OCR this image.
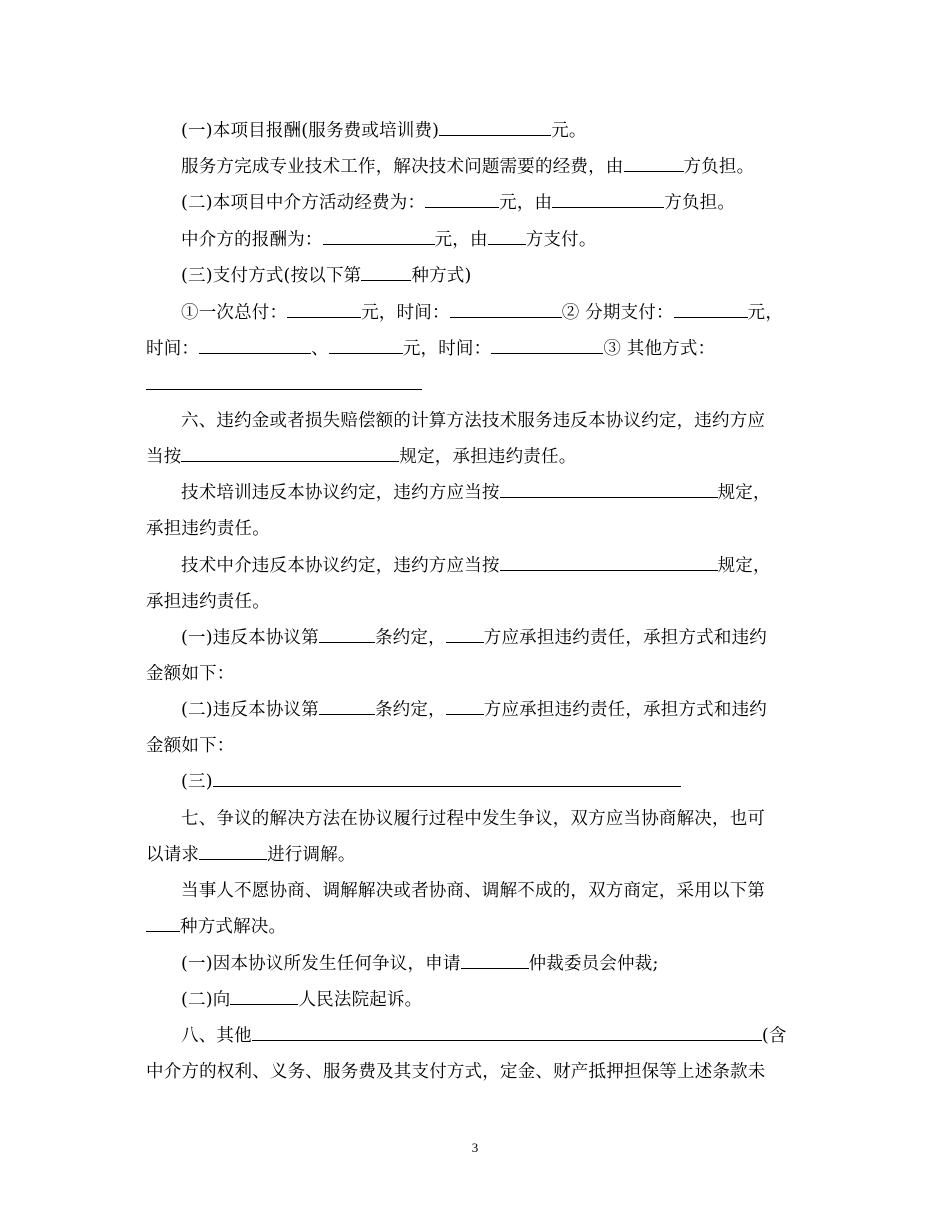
(一)本项目报酬(服务费或培训费)	元。
服务方完成专业技术工作，解决技术问题需要的经费，由	方负担。
(二)本项目中介方活动经费为：	元，由	方负担。
中介方的报酬为：	元，由 方支付。
(三)支付方式(按以下第	种方式)
①一次总付：	元，时间：	② 分期支付：	元，
时间：	、	元，时间：	③ 其他方式：
六、违约金或者损失赔偿额的计算方法技术服务违反本协议约定，违约方应
当按	规定，承担违约责任。
技术培训违反本协议约定，违约方应当按	规定，
承担违约责任。
技术中介违反本协议约定，违约方应当按	规定，
承担违约责任。
(一)违反本协议第	条约定， 方应承担违约责任，承担方式和违约
金额如下：
(二)违反本协议第	条约定， 方应承担违约责任，承担方式和违约
金额如下：
(三)
七、争议的解决方法在协议履行过程中发生争议，双方应当协商解决，也可
以请求	进行调解。
当事人不愿协商、调解解决或者协商、调解不成的，双方商定，采用以下第
种方式解决。
(一)因本协议所发生任何争议，申请	仲裁委员会仲裁;
(二)向	人民法院起诉。
八、其他	(含
中介方的权利、义务、服务费及其支付方式，定金、财产抵押担保等上述条款未
3
